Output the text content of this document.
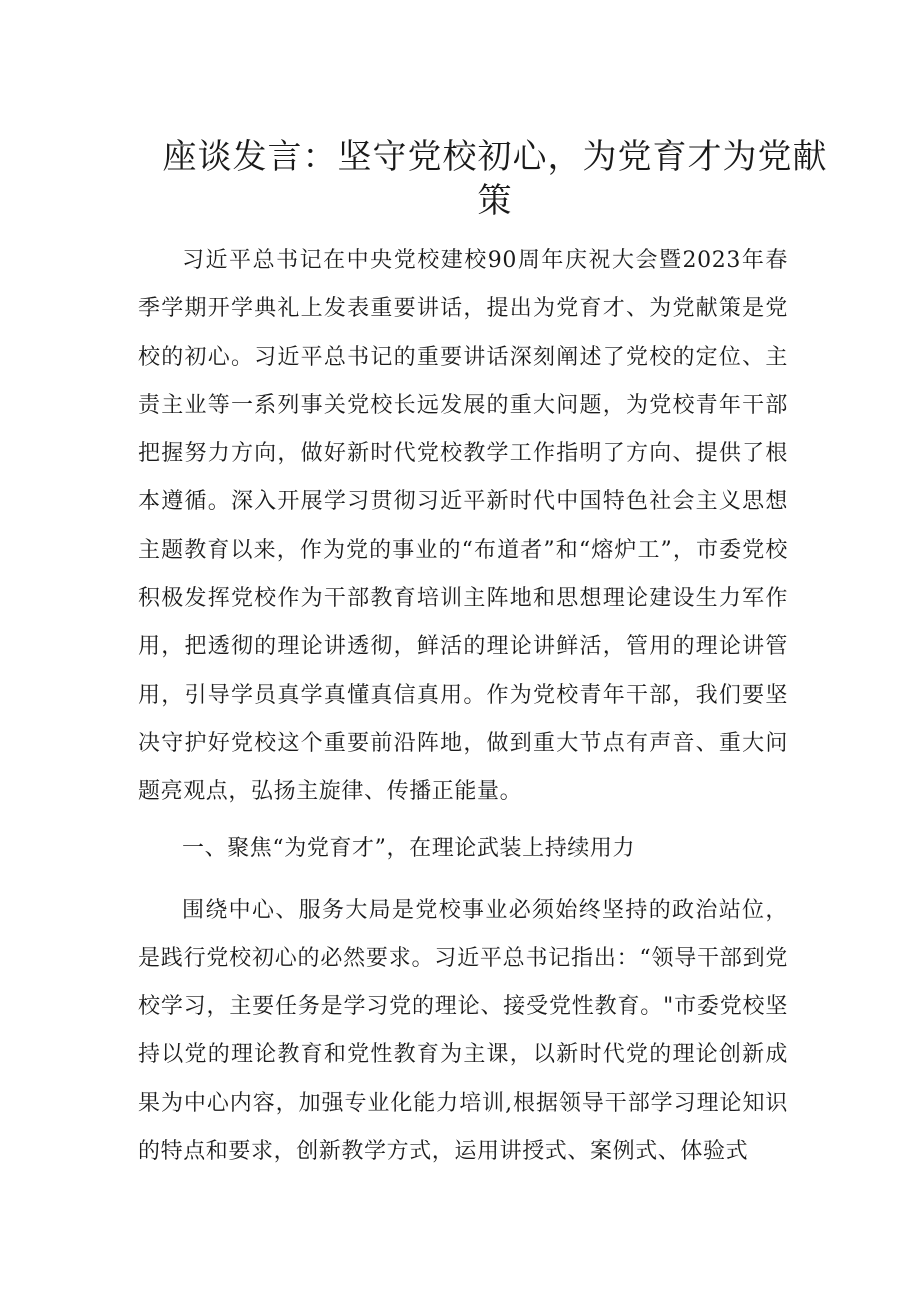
座谈发言：坚守党校初心，为党育才为党献策

习近平总书记在中央党校建校90周年庆祝大会暨2023年春季学期开学典礼上发表重要讲话，提出为党育才、为党献策是党校的初心。习近平总书记的重要讲话深刻阐述了党校的定位、主责主业等一系列事关党校长远发展的重大问题，为党校青年干部把握努力方向，做好新时代党校教学工作指明了方向、提供了根本遵循。深入开展学习贯彻习近平新时代中国特色社会主义思想主题教育以来，作为党的事业的“布道者”和“熔炉工”，市委党校积极发挥党校作为干部教育培训主阵地和思想理论建设生力军作用，把透彻的理论讲透彻，鲜活的理论讲鲜活，管用的理论讲管用，引导学员真学真懂真信真用。作为党校青年干部，我们要坚决守护好党校这个重要前沿阵地，做到重大节点有声音、重大问题亮观点，弘扬主旋律、传播正能量。

一、聚焦“为党育才”，在理论武装上持续用力

围绕中心、服务大局是党校事业必须始终坚持的政治站位，是践行党校初心的必然要求。习近平总书记指出：“领导干部到党校学习，主要任务是学习党的理论、接受党性教育。"市委党校坚持以党的理论教育和党性教育为主课，以新时代党的理论创新成果为中心内容，加强专业化能力培训,根据领导干部学习理论知识的特点和要求，创新教学方式，运用讲授式、案例式、体验式
